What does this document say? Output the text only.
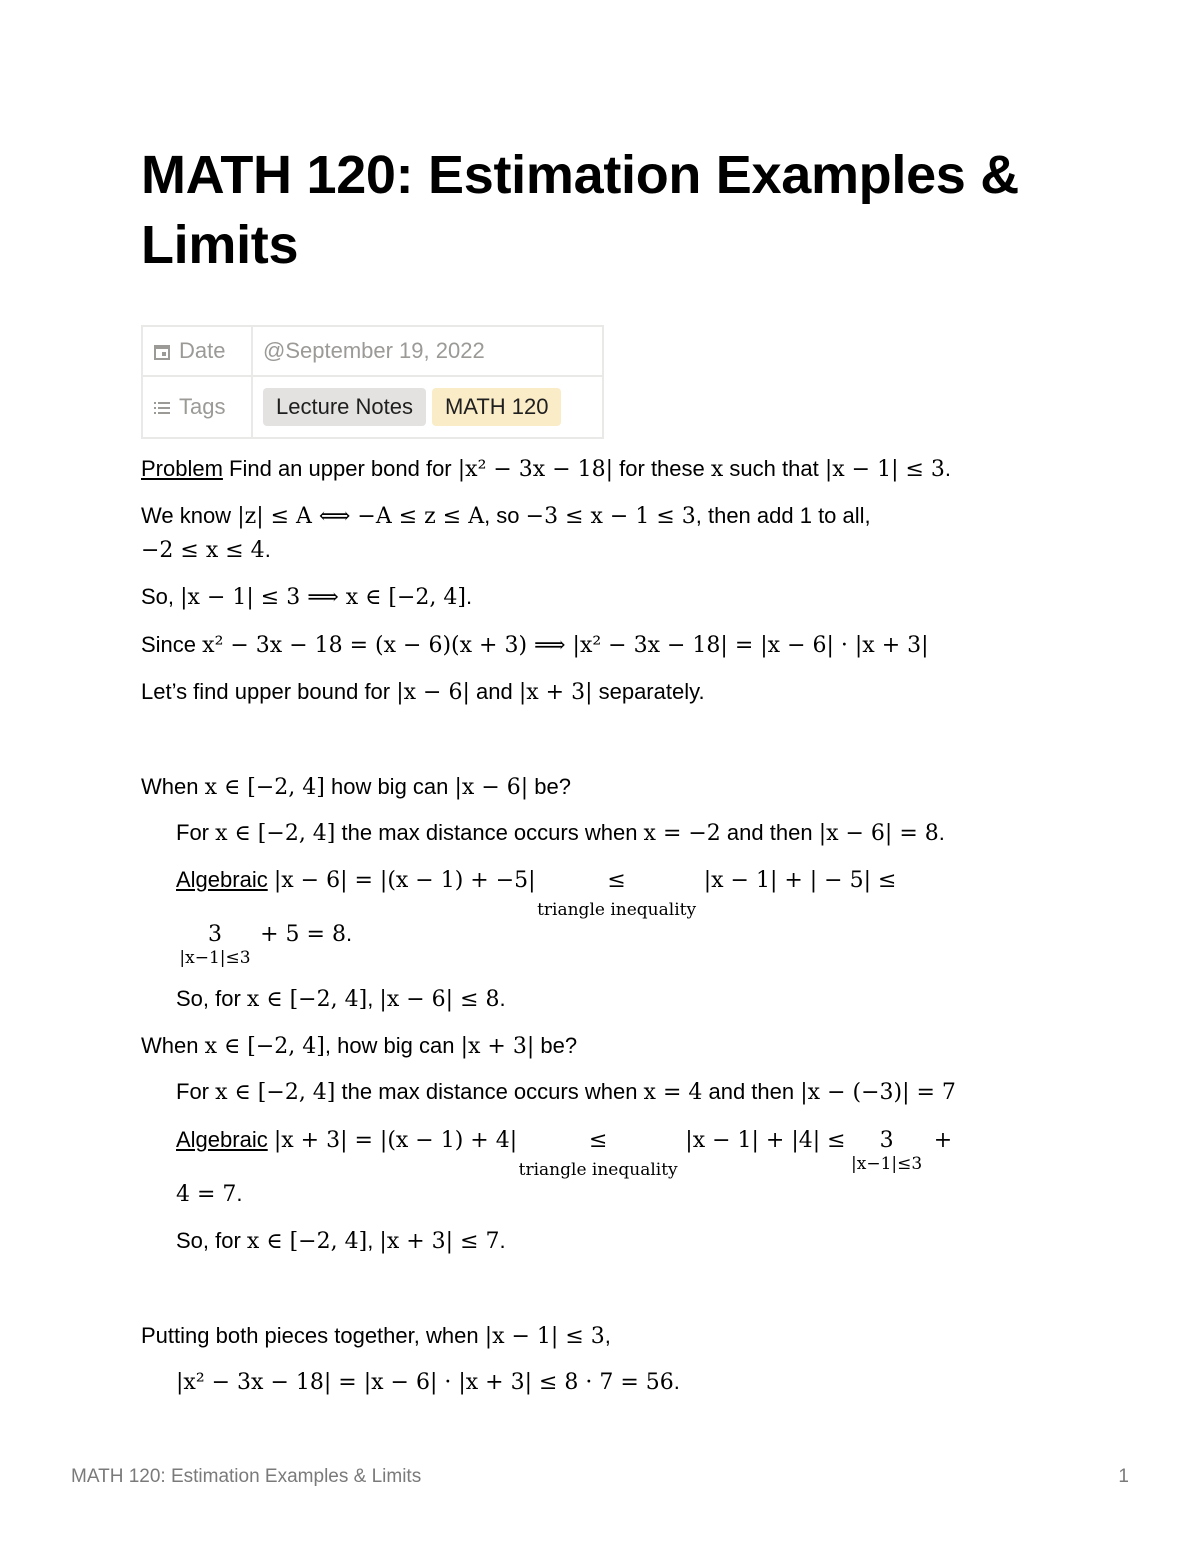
MATH 120: Estimation Examples & Limits
Date	@September 19, 2022
Tags	Lecture Notes MATH 120
Problem Find an upper bond for |x² − 3x − 18| for these x such that |x − 1| ≤ 3.
We know |z| ≤ A ⟺ −A ≤ z ≤ A, so −3 ≤ x − 1 ≤ 3, then add 1 to all,
−2 ≤ x ≤ 4.
So, |x − 1| ≤ 3 ⟹ x ∈ [−2, 4].
Since x² − 3x − 18 = (x − 6)(x + 3) ⟹ |x² − 3x − 18| = |x − 6| · |x + 3|
Let’s find upper bound for |x − 6| and |x + 3| separately.
When x ∈ [−2, 4] how big can |x − 6| be?
For x ∈ [−2, 4] the max distance occurs when x = −2 and then |x − 6| = 8.
Algebraic |x − 6| = |(x − 1) + −5|	≤
triangle inequality
|x − 1| + | − 5| ≤
3
|x−1|≤3
+ 5 = 8.
So, for x ∈ [−2, 4], |x − 6| ≤ 8.
When x ∈ [−2, 4], how big can |x + 3| be?
For x ∈ [−2, 4] the max distance occurs when x = 4 and then |x − (−3)| = 7
Algebraic |x + 3| = |(x − 1) + 4|	≤
triangle inequality
|x − 1| + |4| ≤ 3
|x−1|≤3
+
4 = 7.
So, for x ∈ [−2, 4], |x + 3| ≤ 7.
Putting both pieces together, when |x − 1| ≤ 3,
|x² − 3x − 18| = |x − 6| · |x + 3| ≤ 8 · 7 = 56.
MATH 120: Estimation Examples & Limits	1
